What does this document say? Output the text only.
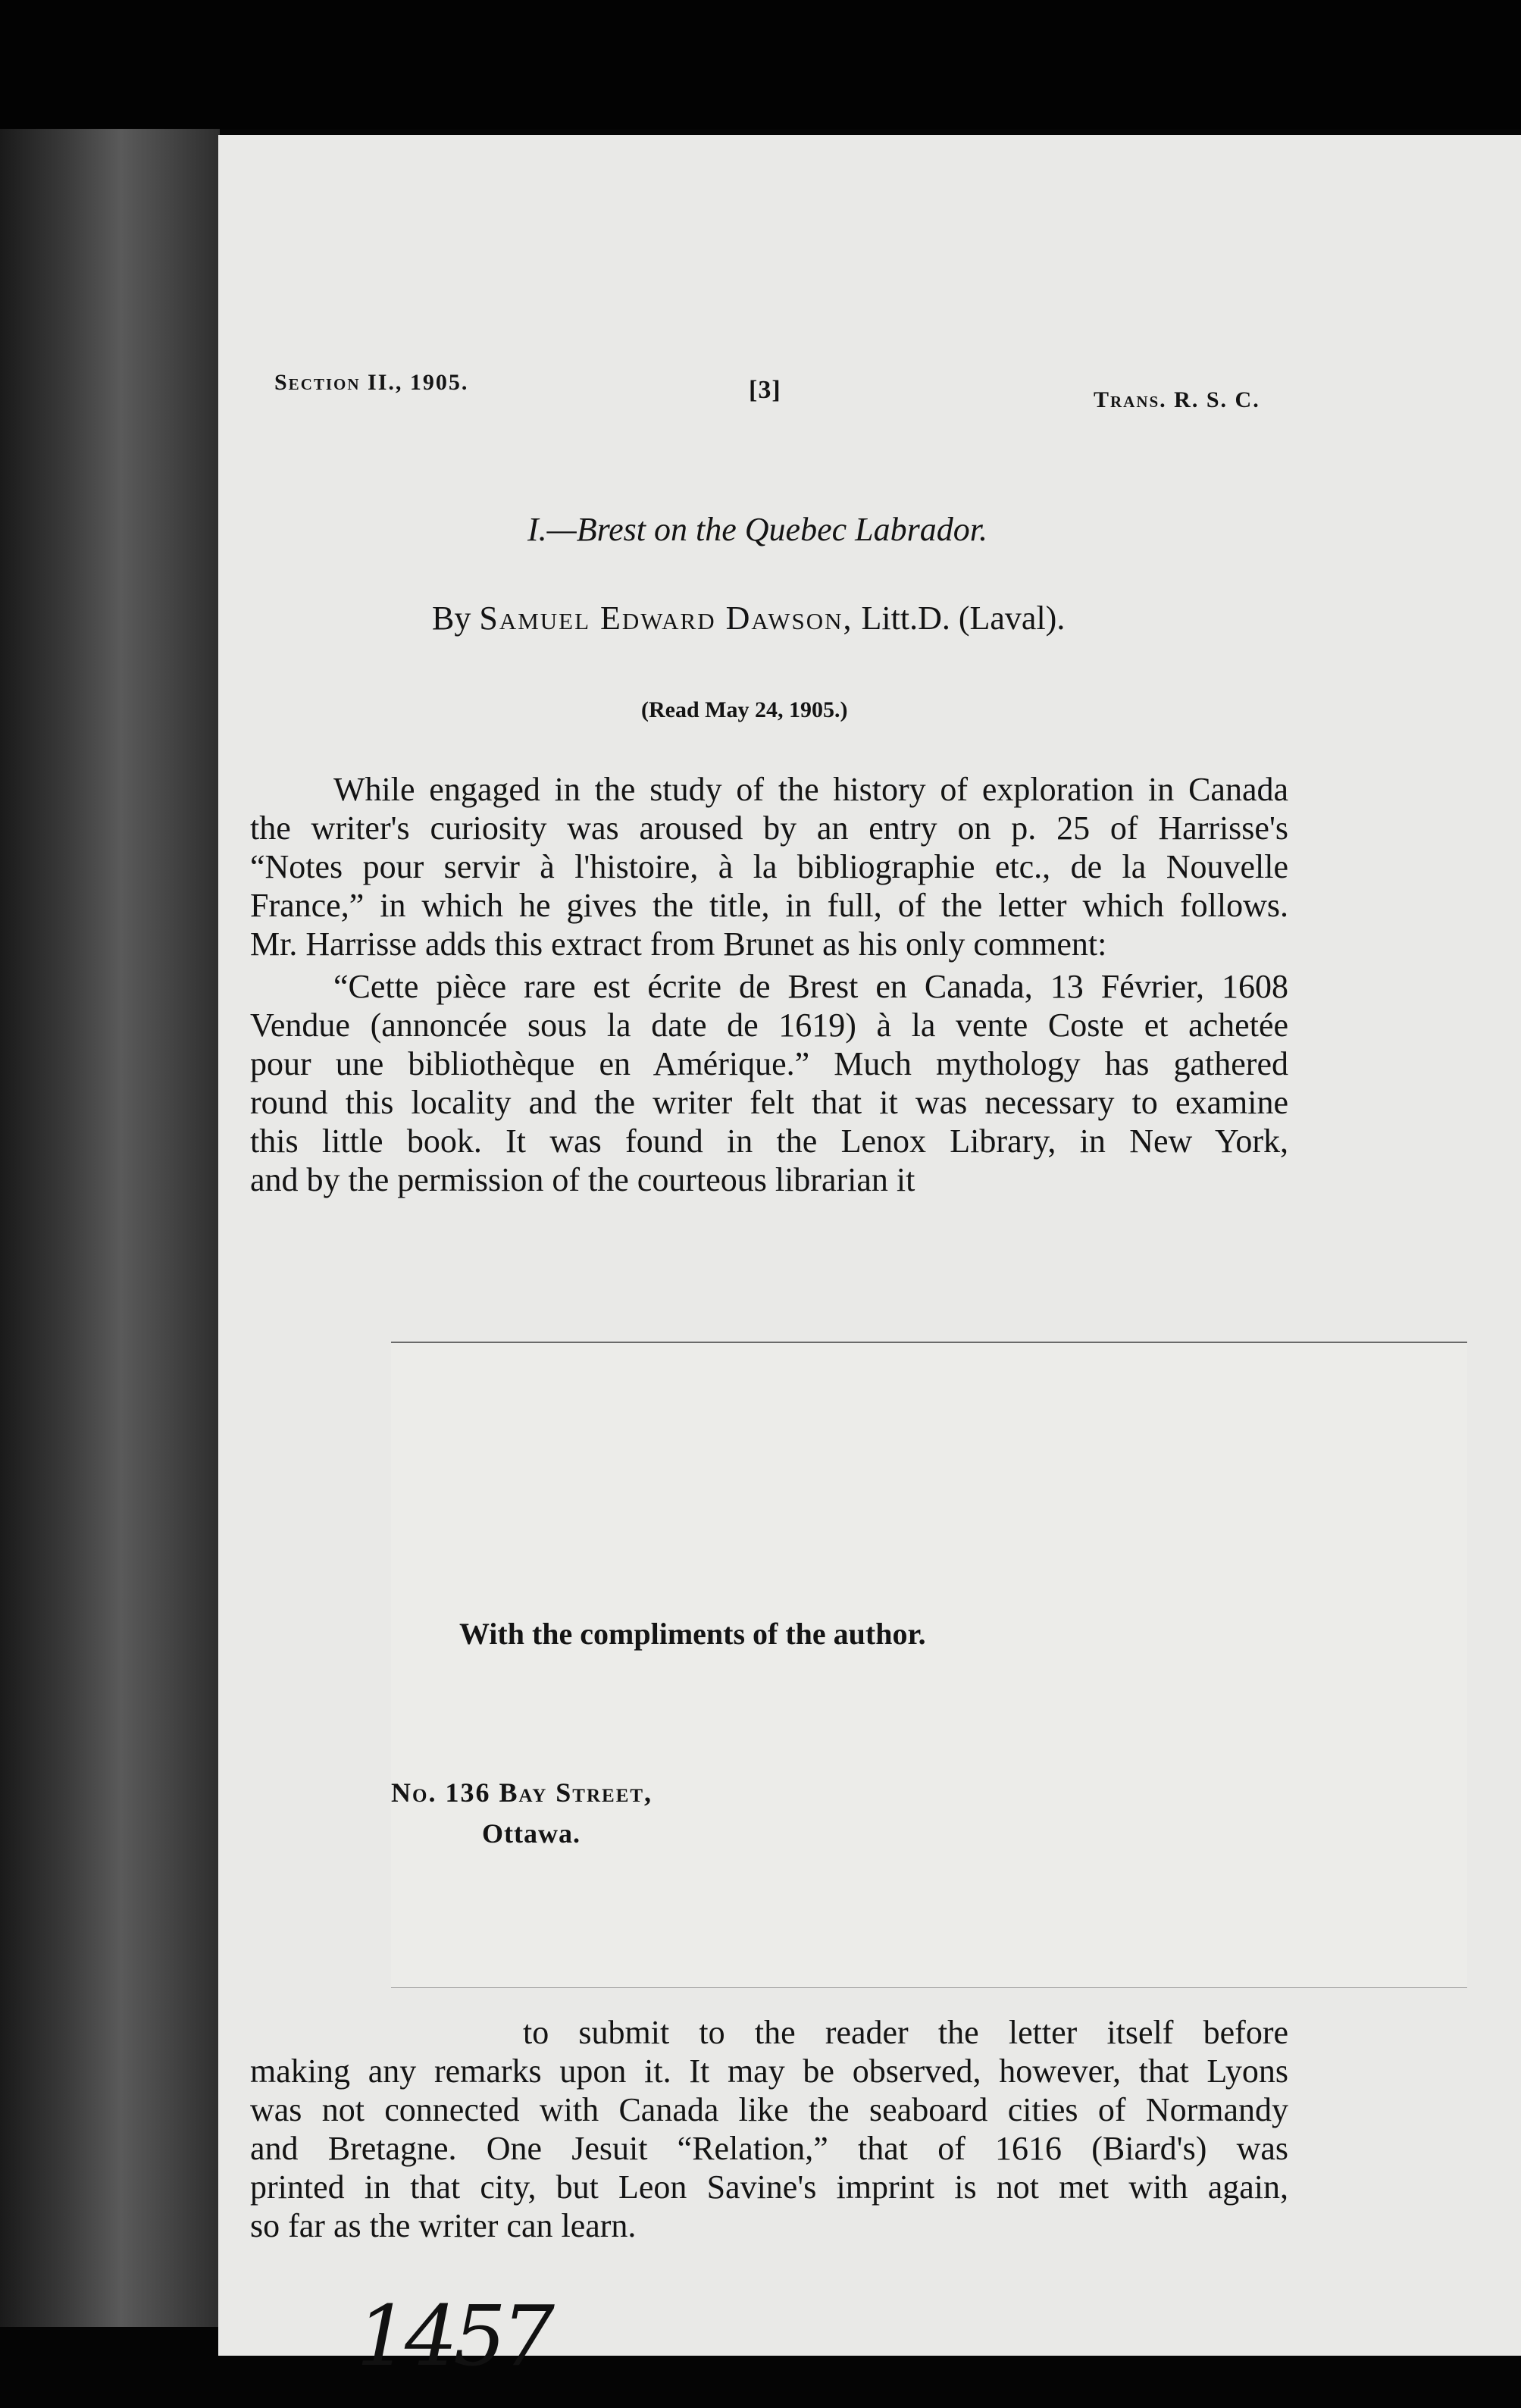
Section II., 1905.	[3]	Trans. R. S. C.
I.—Brest on the Quebec Labrador.
By Samuel Edward Dawson, Litt.D. (Laval).
(Read May 24, 1905.)
While engaged in the study of the history of exploration in Canada
the writer's curiosity was aroused by an entry on p. 25 of Harrisse's
“Notes pour servir à l'histoire, à la bibliographie etc., de la Nouvelle
France,” in which he gives the title, in full, of the letter which follows.
Mr. Harrisse adds this extract from Brunet as his only comment:
“Cette pièce rare est écrite de Brest en Canada, 13 Février, 1608
Vendue (annoncée sous la date de 1619) à la vente Coste et achetée
pour une bibliothèque en Amérique.” Much mythology has gathered
round this locality and the writer felt that it was necessary to examine
this little book. It was found in the Lenox Library, in New York,
and by the permission of the courteous librarian it
With the compliments of the author.
No. 136 Bay Street,
Ottawa.
to submit to the reader the letter itself before
making any remarks upon it. It may be observed, however, that Lyons
was not connected with Canada like the seaboard cities of Normandy
and Bretagne. One Jesuit “Relation,” that of 1616 (Biard's) was
printed in that city, but Leon Savine's imprint is not met with again,
so far as the writer can learn.
1457
